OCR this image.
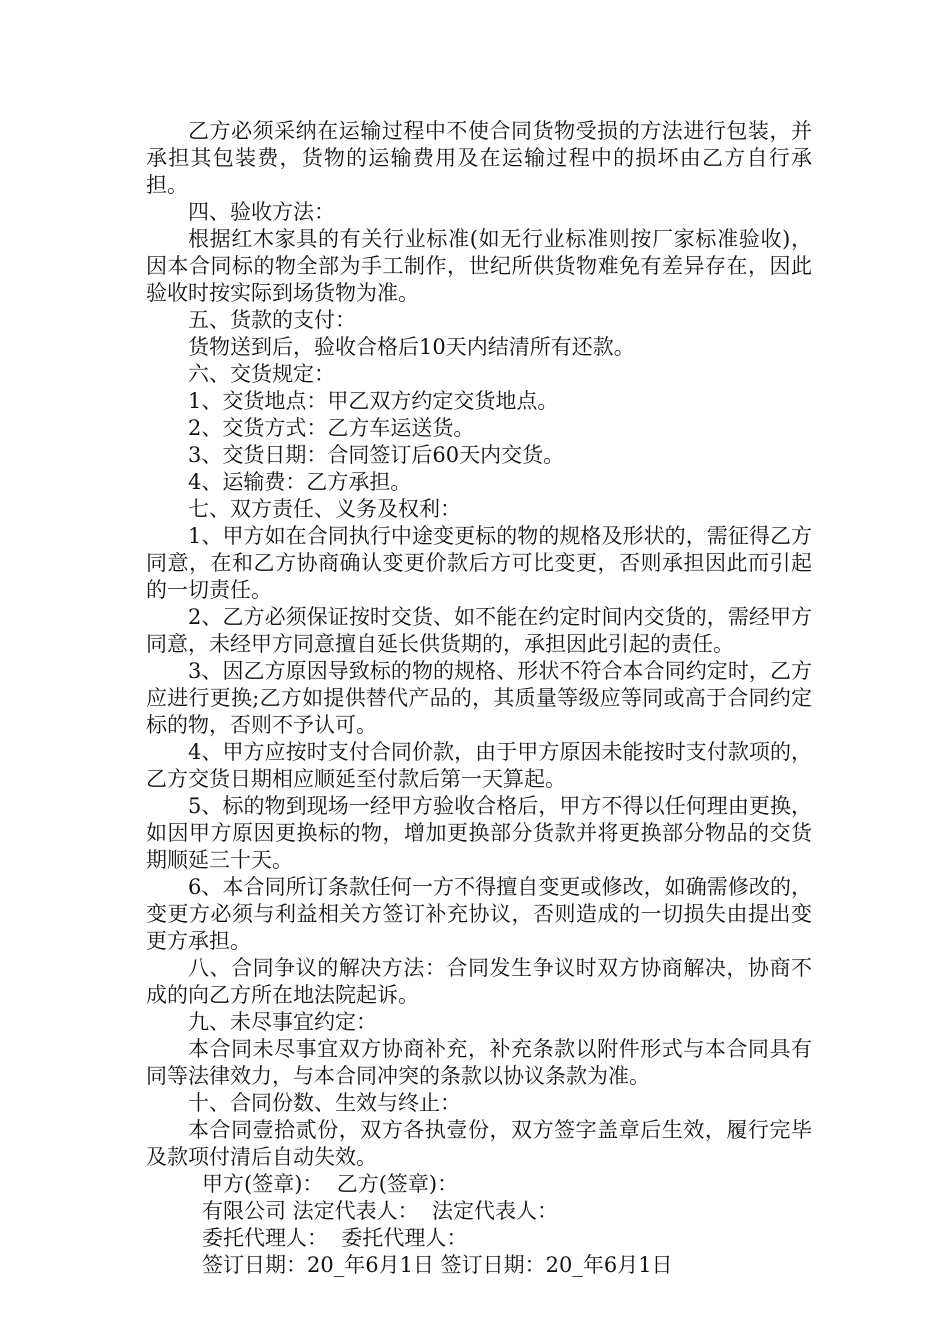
乙方必须采纳在运输过程中不使合同货物受损的方法进行包装，并承担其包装费，货物的运输费用及在运输过程中的损坏由乙方自行承担。

四、验收方法：

根据红木家具的有关行业标准(如无行业标准则按厂家标准验收)，因本合同标的物全部为手工制作，世纪所供货物难免有差异存在，因此验收时按实际到场货物为准。

五、货款的支付：

货物送到后，验收合格后10天内结清所有还款。

六、交货规定：

1、交货地点：甲乙双方约定交货地点。

2、交货方式：乙方车运送货。

3、交货日期：合同签订后60天内交货。

4、运输费：乙方承担。

七、双方责任、义务及权利：

1、甲方如在合同执行中途变更标的物的规格及形状的，需征得乙方同意，在和乙方协商确认变更价款后方可比变更，否则承担因此而引起的一切责任。

2、乙方必须保证按时交货、如不能在约定时间内交货的，需经甲方同意，未经甲方同意擅自延长供货期的，承担因此引起的责任。

3、因乙方原因导致标的物的规格、形状不符合本合同约定时，乙方应进行更换;乙方如提供替代产品的，其质量等级应等同或高于合同约定标的物，否则不予认可。

4、甲方应按时支付合同价款，由于甲方原因未能按时支付款项的，乙方交货日期相应顺延至付款后第一天算起。

5、标的物到现场一经甲方验收合格后，甲方不得以任何理由更换，如因甲方原因更换标的物，增加更换部分货款并将更换部分物品的交货期顺延三十天。

6、本合同所订条款任何一方不得擅自变更或修改，如确需修改的，变更方必须与利益相关方签订补充协议，否则造成的一切损失由提出变更方承担。

八、合同争议的解决方法：合同发生争议时双方协商解决，协商不成的向乙方所在地法院起诉。

九、未尽事宜约定：

本合同未尽事宜双方协商补充，补充条款以附件形式与本合同具有同等法律效力，与本合同冲突的条款以协议条款为准。

十、合同份数、生效与终止：

本合同壹拾贰份，双方各执壹份，双方签字盖章后生效，履行完毕及款项付清后自动失效。

甲方(签章)：  乙方(签章)：

有限公司 法定代表人：  法定代表人：

委托代理人：  委托代理人：

签订日期：20_年6月1日 签订日期：20_年6月1日
